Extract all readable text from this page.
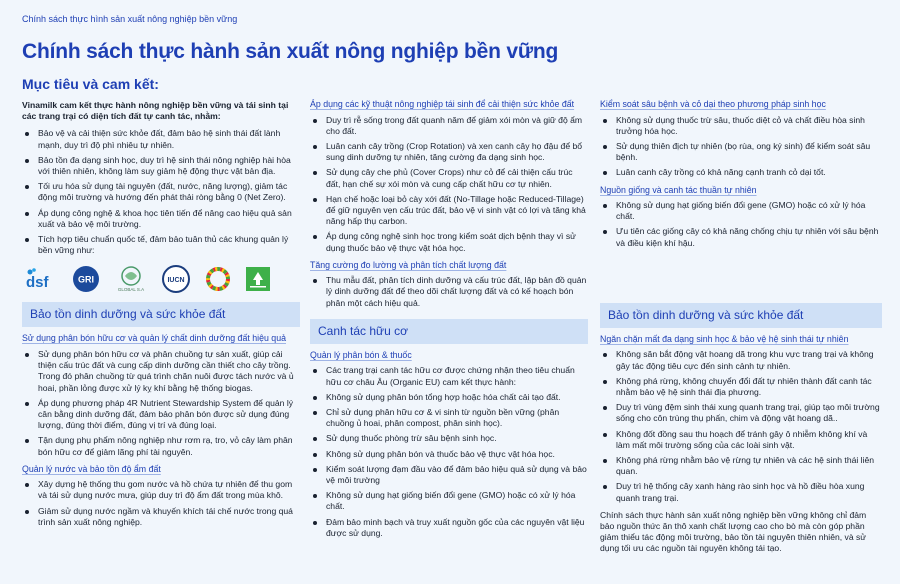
Chính sách thực hình sản xuất nông nghiệp bền vững
Chính sách thực hành sản xuất nông nghiệp bền vững
Mục tiêu và cam kết:

Vinamilk cam kết thực hành nông nghiệp bền vững và tái sinh tại các trang trại có diện tích đất tự canh tác, nhằm:

Bảo vệ và cải thiện sức khỏe đất, đảm bảo hệ sinh thái đất lành mạnh, duy trì độ phì nhiêu tự nhiên.
Bảo tồn đa dạng sinh học, duy trì hệ sinh thái nông nghiệp hài hòa với thiên nhiên, không làm suy giảm hệ động thực vật bản địa.
Tối ưu hóa sử dụng tài nguyên (đất, nước, năng lượng), giảm tác động môi trường và hướng đến phát thải ròng bằng 0 (Net Zero).
Áp dụng công nghệ & khoa học tiên tiến để nâng cao hiệu quả sản xuất và bảo vệ môi trường.
Tích hợp tiêu chuẩn quốc tế, đảm bảo tuân thủ các khung quản lý bền vững như:
dsf	GRI
GLOBAL S.A
IUCN
Bảo tồn dinh dưỡng và sức khỏe đất
Sử dụng phân bón hữu cơ và quản lý chất dinh dưỡng đất hiệu quả
Sử dụng phân bón hữu cơ và phân chuồng tự sản xuất, giúp cải thiện cấu trúc đất và cung cấp dinh dưỡng cần thiết cho cây trồng. Trong đó phân chuồng từ quá trình chăn nuôi được tách nước và ủ hoai, phần lỏng được xử lý kỵ khí bằng hệ thống biogas.
Áp dụng phương pháp 4R Nutrient Stewardship System để quản lý cân bằng dinh dưỡng đất, đảm bảo phân bón được sử dụng đúng lượng, đúng thời điểm, đúng vị trí và đúng loại.
Tận dụng phụ phẩm nông nghiệp như rơm rạ, tro, vỏ cây làm phân bón hữu cơ để giảm lãng phí tài nguyên.
Quản lý nước và bảo tồn độ ẩm đất
Xây dựng hệ thống thu gom nước và hồ chứa tự nhiên để thu gom và tái sử dụng nước mưa, giúp duy trì độ ẩm đất trong mùa khô.
Giảm sử dụng nước ngầm và khuyến khích tái chế nước trong quá trình sản xuất nông nghiệp.
Áp dụng các kỹ thuật nông nghiệp tái sinh để cải thiện sức khỏe đất
Duy trì rễ sống trong đất quanh năm để giảm xói mòn và giữ độ ẩm cho đất.
Luân canh cây trồng (Crop Rotation) và xen canh cây họ đậu để bổ sung dinh dưỡng tự nhiên, tăng cường đa dạng sinh học.
Sử dụng cây che phủ (Cover Crops) như cỏ để cải thiện cấu trúc đất, hạn chế sự xói mòn và cung cấp chất hữu cơ tự nhiên.
Hạn chế hoặc loại bỏ cày xới đất (No-Tillage hoặc Reduced-Tillage) để giữ nguyên vẹn cấu trúc đất, bảo vệ vi sinh vật có lợi và tăng khả năng hấp thụ carbon.
Áp dụng công nghệ sinh học trong kiểm soát dịch bệnh thay vì sử dụng thuốc bảo vệ thực vật hóa học.
Tăng cường đo lường và phân tích chất lượng đất
Thu mẫu đất, phân tích dinh dưỡng và cấu trúc đất, lập bản đồ quản lý dinh dưỡng đất để theo dõi chất lượng đất và có kế hoạch bón phân một cách hiệu quả.
Canh tác hữu cơ
Quản lý phân bón & thuốc
Các trang trại canh tác hữu cơ được chứng nhận theo tiêu chuẩn hữu cơ châu Âu (Organic EU) cam kết thực hành:
Không sử dụng phân bón tổng hợp hoặc hóa chất cải tạo đất.
Chỉ sử dụng phân hữu cơ & vi sinh từ nguồn bền vững (phân chuồng ủ hoai, phân compost, phân sinh học).
Sử dụng thuốc phòng trừ sâu bệnh sinh học.
Không sử dụng phân bón và thuốc bảo vệ thực vật hóa học.
Kiểm soát lượng đạm đầu vào để đảm bảo hiệu quả sử dụng và bảo vệ môi trường
Không sử dụng hạt giống biến đổi gene (GMO) hoặc có xử lý hóa chất.
Đảm bảo minh bạch và truy xuất nguồn gốc của các nguyên vật liệu được sử dụng.
Kiểm soát sâu bệnh và cỏ dại theo phương pháp sinh học
Không sử dụng thuốc trừ sâu, thuốc diệt cỏ và chất điều hòa sinh trưởng hóa học.
Sử dụng thiên địch tự nhiên (bọ rùa, ong ký sinh) để kiểm soát sâu bệnh.
Luân canh cây trồng có khả năng cạnh tranh cỏ dại tốt.
Nguồn giống và canh tác thuần tự nhiên
Không sử dụng hạt giống biến đổi gene (GMO) hoặc có xử lý hóa chất.
Ưu tiên các giống cây có khả năng chống chịu tự nhiên với sâu bệnh và điều kiện khí hậu.
Bảo tồn dinh dưỡng và sức khỏe đất
Ngăn chặn mất đa dạng sinh học & bảo vệ hệ sinh thái tự nhiên
Không săn bắt động vật hoang dã trong khu vực trang trại và không gây tác động tiêu cực đến sinh cảnh tự nhiên.
Không phá rừng, không chuyển đổi đất tự nhiên thành đất canh tác nhằm bảo vệ hệ sinh thái địa phương.
Duy trì vùng đệm sinh thái xung quanh trang trại, giúp tạo môi trường sống cho côn trùng thụ phấn, chim và động vật hoang dã..
Không đốt đồng sau thu hoạch để tránh gây ô nhiễm không khí và làm mất môi trường sống của các loài sinh vật.
Không phá rừng nhằm bảo vệ rừng tự nhiên và các hệ sinh thái liên quan.
Duy trì hệ thống cây xanh hàng rào sinh học và hồ điều hòa xung quanh trang trại.

Chính sách thực hành sản xuất nông nghiệp bền vững không chỉ đảm bảo nguồn thức ăn thô xanh chất lượng cao cho bò mà còn góp phần giảm thiểu tác động môi trường, bảo tồn tài nguyên thiên nhiên, và sử dụng tối ưu các nguồn tài nguyên không tái tạo.
